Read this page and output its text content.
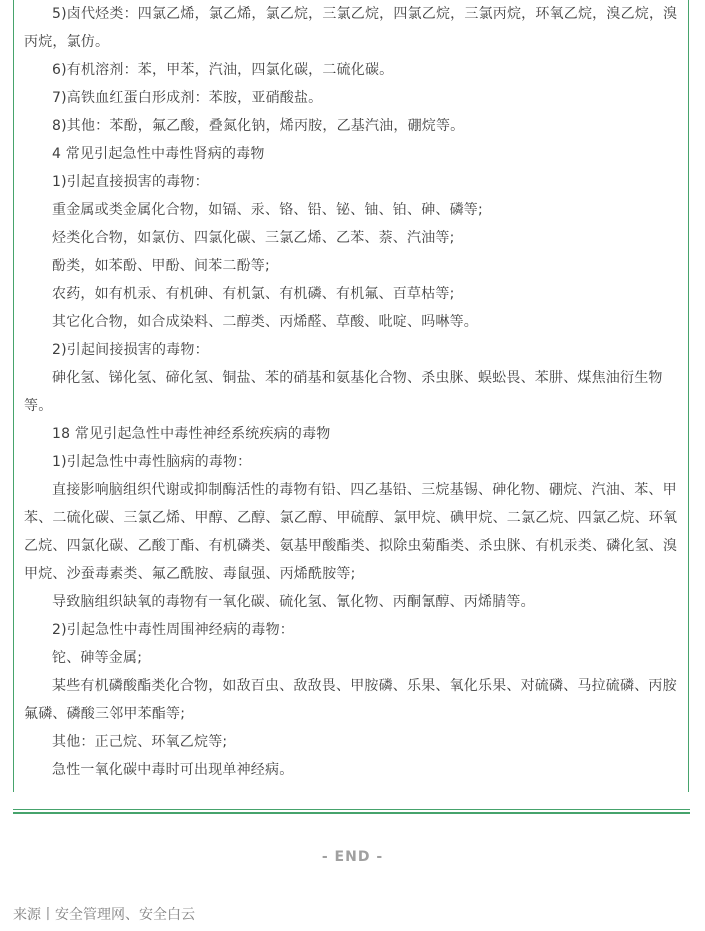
5)卤代烃类：四氯乙烯，氯乙烯，氯乙烷，三氯乙烷，四氯乙烷，三氯丙烷，环氧乙烷，溴乙烷，溴
丙烷，氯仿。
6)有机溶剂：苯，甲苯，汽油，四氯化碳，二硫化碳。
7)高铁血红蛋白形成剂：苯胺，亚硝酸盐。
8)其他：苯酚，氟乙酸，叠氮化钠，烯丙胺，乙基汽油，硼烷等。
4 常见引起急性中毒性肾病的毒物
1)引起直接损害的毒物：
重金属或类金属化合物，如镉、汞、铬、铅、铋、铀、铂、砷、磷等;
烃类化合物，如氯仿、四氯化碳、三氯乙烯、乙苯、萘、汽油等;
酚类，如苯酚、甲酚、间苯二酚等;
农药，如有机汞、有机砷、有机氯、有机磷、有机氟、百草枯等;
其它化合物，如合成染料、二醇类、丙烯醛、草酸、吡啶、吗啉等。
2)引起间接损害的毒物：
砷化氢、锑化氢、碲化氢、铜盐、苯的硝基和氨基化合物、杀虫脒、蜈蚣畏、苯肼、煤焦油衍生物
等。
18 常见引起急性中毒性神经系统疾病的毒物
1)引起急性中毒性脑病的毒物：
直接影响脑组织代谢或抑制酶活性的毒物有铅、四乙基铅、三烷基锡、砷化物、硼烷、汽油、苯、甲
苯、二硫化碳、三氯乙烯、甲醇、乙醇、氯乙醇、甲硫醇、氯甲烷、碘甲烷、二氯乙烷、四氯乙烷、环氧
乙烷、四氯化碳、乙酸丁酯、有机磷类、氨基甲酸酯类、拟除虫菊酯类、杀虫脒、有机汞类、磷化氢、溴
甲烷、沙蚕毒素类、氟乙酰胺、毒鼠强、丙烯酰胺等;
导致脑组织缺氧的毒物有一氧化碳、硫化氢、氰化物、丙酮氰醇、丙烯腈等。
2)引起急性中毒性周围神经病的毒物：
铊、砷等金属;
某些有机磷酸酯类化合物，如敌百虫、敌敌畏、甲胺磷、乐果、氧化乐果、对硫磷、马拉硫磷、丙胺
氟磷、磷酸三邻甲苯酯等;
其他：正己烷、环氧乙烷等;
急性一氧化碳中毒时可出现单神经病。
- END -
来源丨安全管理网、安全白云
